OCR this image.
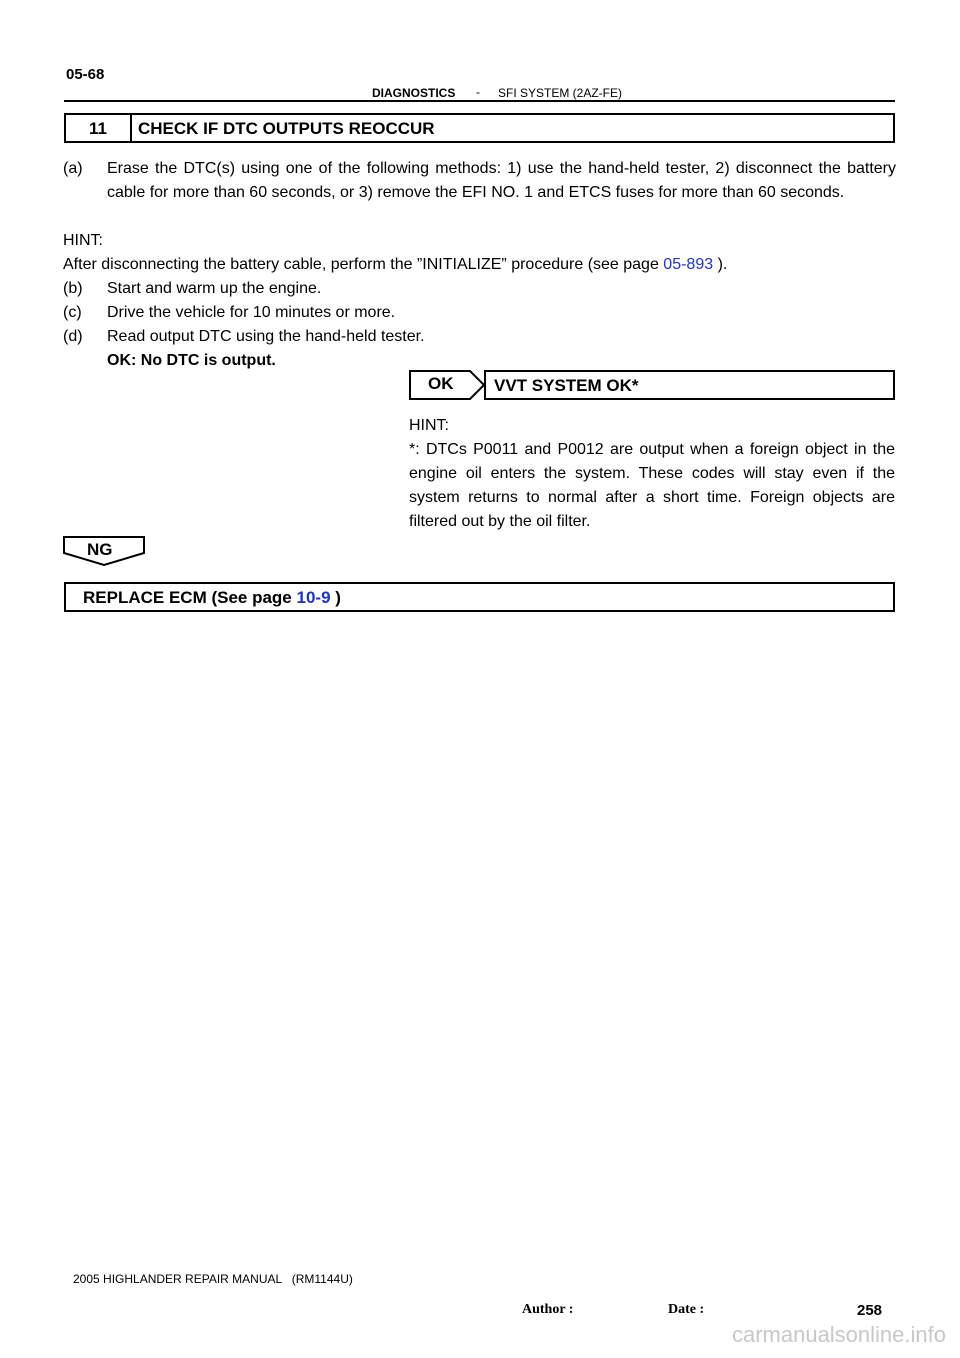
05-68
DIAGNOSTICS - SFI SYSTEM (2AZ-FE)
11	CHECK IF DTC OUTPUTS REOCCUR
(a) Erase the DTC(s) using one of the following methods: 1) use the hand-held tester, 2) disconnect the battery cable for more than 60 seconds, or 3) remove the EFI NO. 1 and ETCS fuses for more than 60 seconds.
HINT:
After disconnecting the battery cable, perform the ”INITIALIZE” procedure (see page 05-893 ).
(b) Start and warm up the engine.
(c) Drive the vehicle for 10 minutes or more.
(d) Read output DTC using the hand-held tester.
OK: No DTC is output.
OK VVT SYSTEM OK*
HINT:
*: DTCs P0011 and P0012 are output when a foreign object in the engine oil enters the system. These codes will stay even if the system returns to normal after a short time. Foreign objects are filtered out by the oil filter.
NG
REPLACE ECM (See page 10-9 )
2005 HIGHLANDER REPAIR MANUAL   (RM1144U)
Author :	Date :	258
carmanualsonline.info
